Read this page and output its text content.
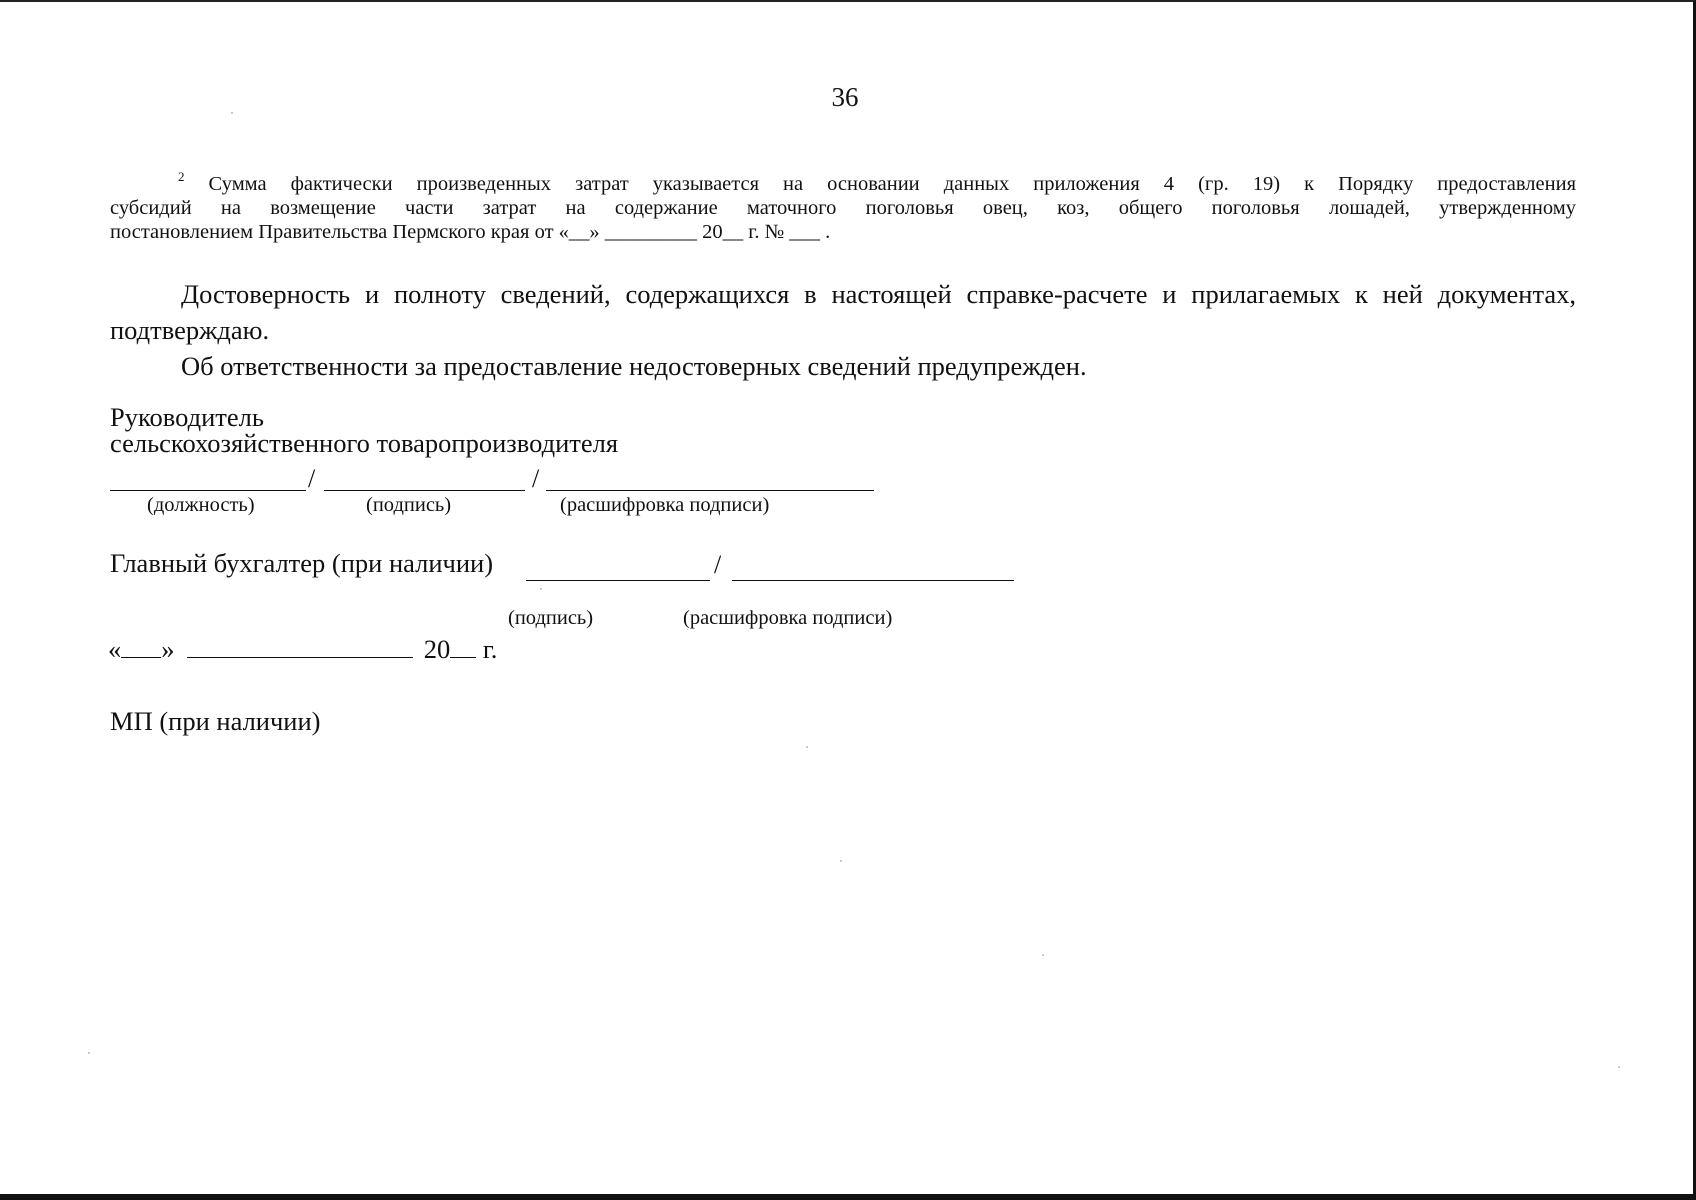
36
$^2$ Сумма фактически произведенных затрат указывается на основании данных приложения 4 (гр. 19) к Порядку предоставления
субсидий на возмещение части затрат на содержание маточного поголовья овец, коз, общего поголовья лошадей, утвержденному
постановлением Правительства Пермского края от «__» _________ 20__ г. № ___ .
Достоверность и полноту сведений, содержащихся в настоящей справке-расчете и прилагаемых к ней документах,
подтверждаю.
Об ответственности за предоставление недостоверных сведений предупрежден.
Руководитель
сельскохозяйственного товаропроизводителя
/	/
(должность)	(подпись)	(расшифровка подписи)
Главный бухгалтер (при наличии)	/
(подпись)	(расшифровка подписи)
« »	20 г.
МП (при наличии)
